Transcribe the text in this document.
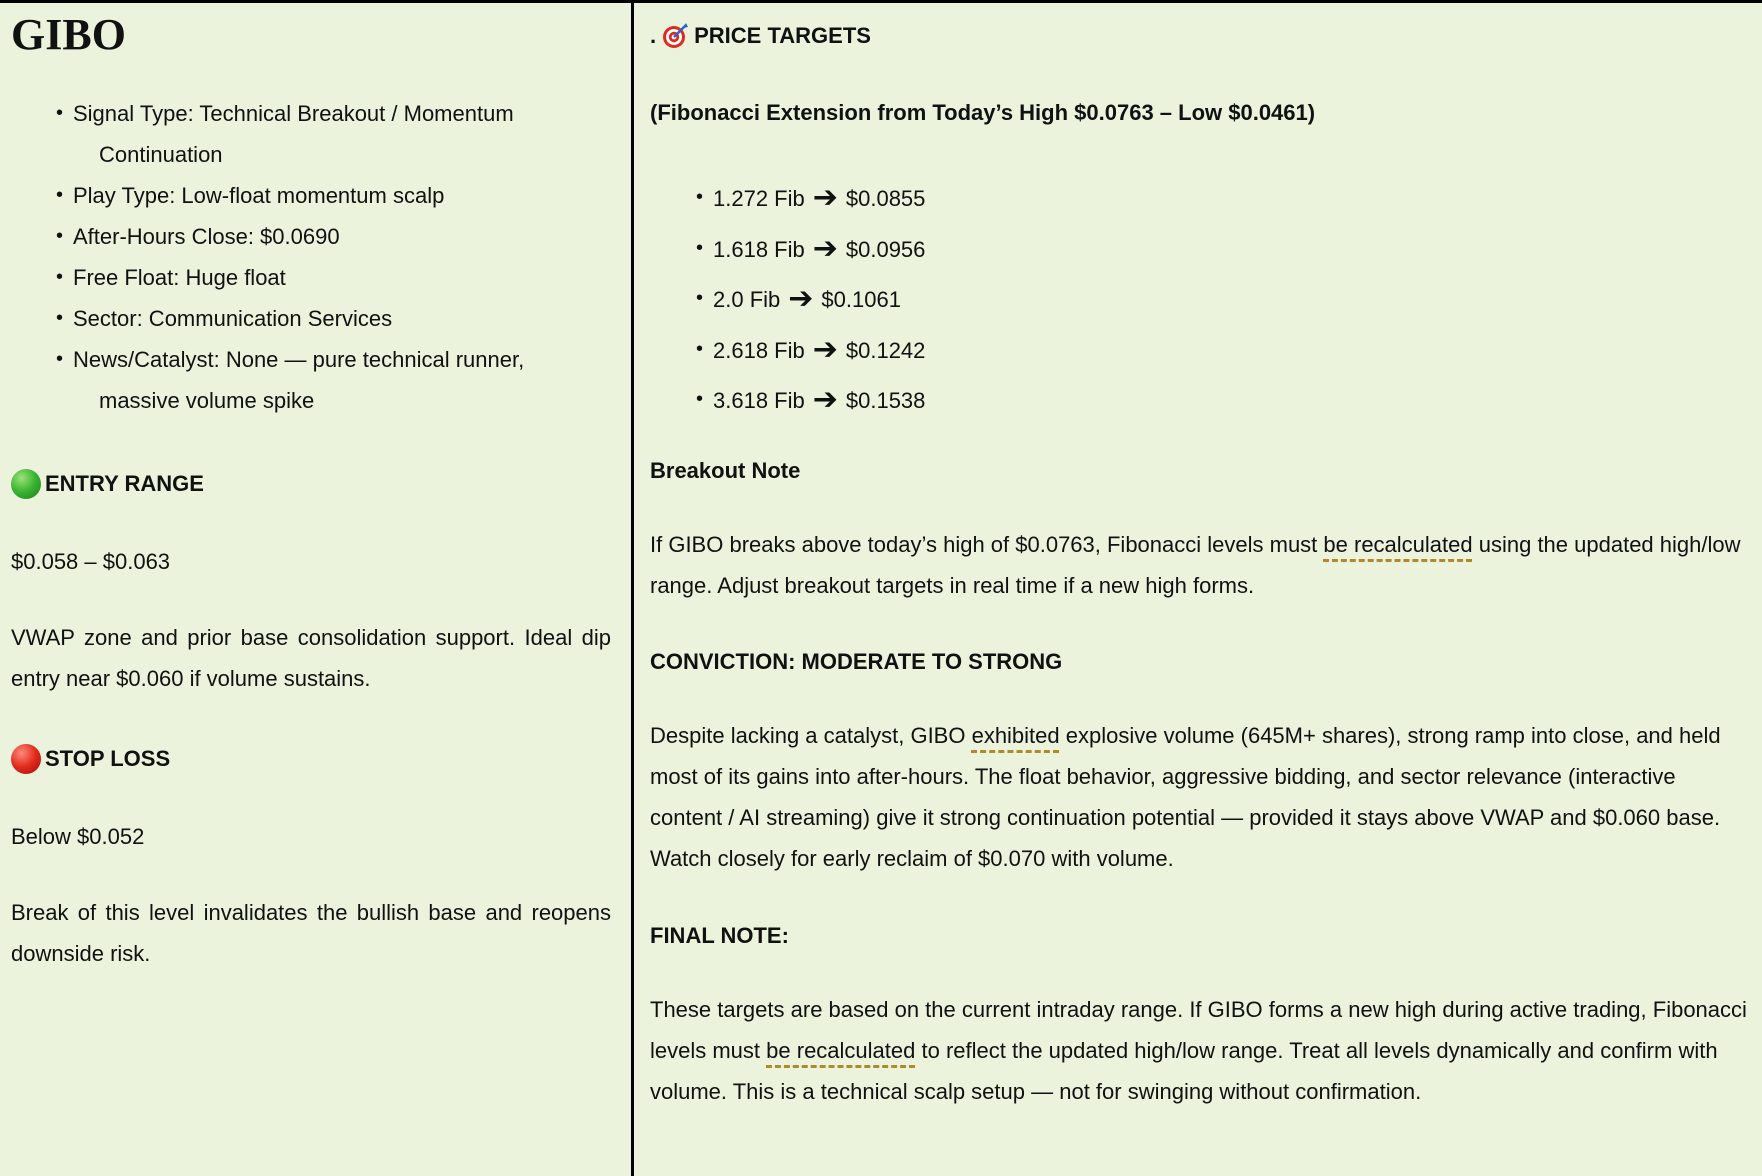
GIBO
• Signal Type: Technical Breakout / Momentum
Continuation
• Play Type: Low-float momentum scalp
• After-Hours Close: $0.0690
• Free Float: Huge float
• Sector: Communication Services
• News/Catalyst: None — pure technical runner,
massive volume spike
ENTRY RANGE

$0.058 – $0.063

VWAP zone and prior base consolidation support. Ideal dip entry near $0.060 if volume sustains.

STOP LOSS

Below $0.052

Break of this level invalidates the bullish base and reopens downside risk.

. PRICE TARGETS
(Fibonacci Extension from Today’s High $0.0763 – Low $0.0461)
• 1.272 Fib ➔ $0.0855
• 1.618 Fib ➔ $0.0956
• 2.0 Fib ➔ $0.1061
• 2.618 Fib ➔ $0.1242
• 3.618 Fib ➔ $0.1538
Breakout Note

If GIBO breaks above today’s high of $0.0763, Fibonacci levels must be recalculated using the updated high/low range. Adjust breakout targets in real time if a new high forms.

CONVICTION: MODERATE TO STRONG

Despite lacking a catalyst, GIBO exhibited explosive volume (645M+ shares), strong ramp into close, and held most of its gains into after-hours. The float behavior, aggressive bidding, and sector relevance (interactive content / AI streaming) give it strong continuation potential — provided it stays above VWAP and $0.060 base. Watch closely for early reclaim of $0.070 with volume.

FINAL NOTE:

These targets are based on the current intraday range. If GIBO forms a new high during active trading, Fibonacci levels must be recalculated to reflect the updated high/low range. Treat all levels dynamically and confirm with volume. This is a technical scalp setup — not for swinging without confirmation.
